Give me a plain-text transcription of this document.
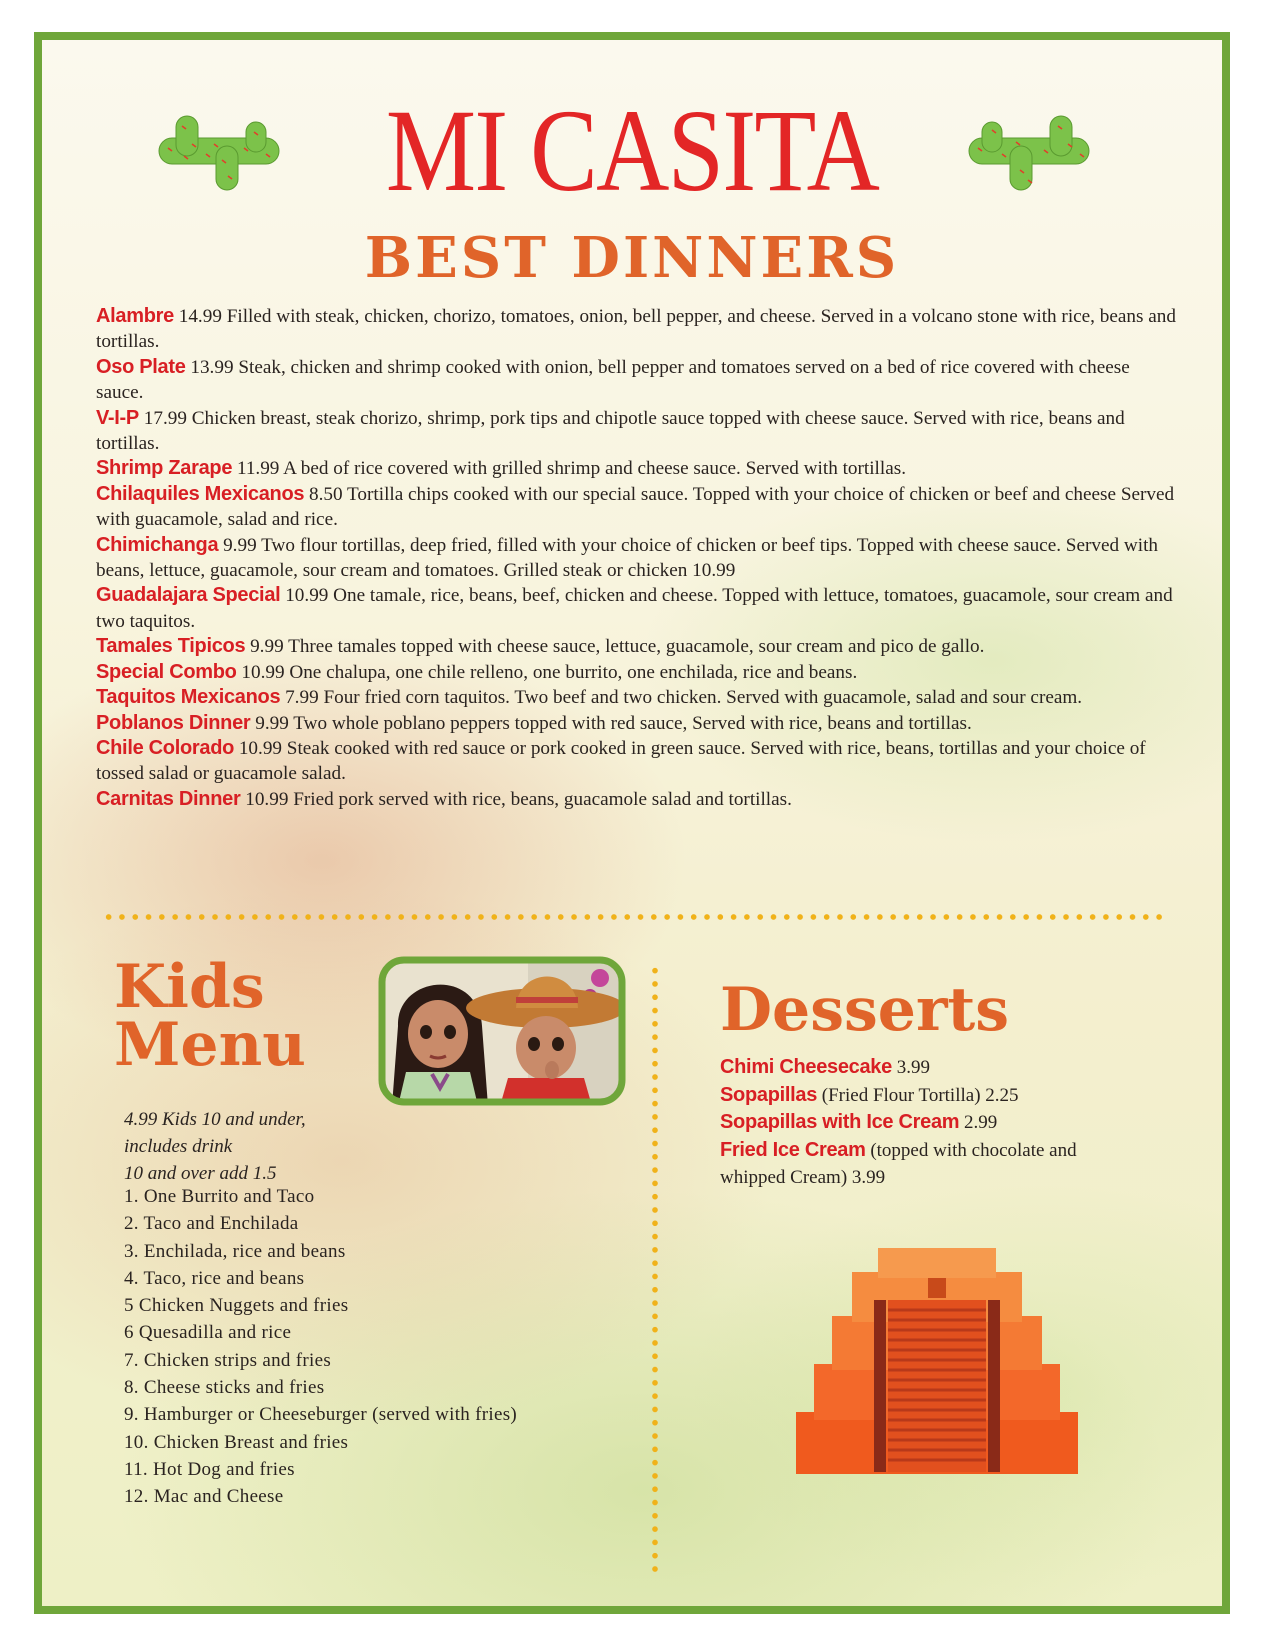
MI CASITA
BEST DINNERS

Alambre 14.99 Filled with steak, chicken, chorizo, tomatoes, onion, bell pepper, and cheese. Served in a volcano stone with rice, beans and tortillas.

Oso Plate 13.99 Steak, chicken and shrimp cooked with onion, bell pepper and tomatoes served on a bed of rice covered with cheese sauce.

V-I-P 17.99 Chicken breast, steak chorizo, shrimp, pork tips and chipotle sauce topped with cheese sauce. Served with rice, beans and tortillas.

Shrimp Zarape 11.99 A bed of rice covered with grilled shrimp and cheese sauce. Served with tortillas.

Chilaquiles Mexicanos 8.50 Tortilla chips cooked with our special sauce. Topped with your choice of chicken or beef and cheese Served with guacamole, salad and rice.

Chimichanga 9.99 Two flour tortillas, deep fried, filled with your choice of chicken or beef tips. Topped with cheese sauce. Served with beans, lettuce, guacamole, sour cream and tomatoes. Grilled steak or chicken 10.99

Guadalajara Special 10.99 One tamale, rice, beans, beef, chicken and cheese. Topped with lettuce, tomatoes, guacamole, sour cream and two taquitos.

Tamales Tipicos 9.99 Three tamales topped with cheese sauce, lettuce, guacamole, sour cream and pico de gallo.

Special Combo 10.99 One chalupa, one chile relleno, one burrito, one enchilada, rice and beans.

Taquitos Mexicanos 7.99 Four fried corn taquitos. Two beef and two chicken. Served with guacamole, salad and sour cream.

Poblanos Dinner 9.99 Two whole poblano peppers topped with red sauce, Served with rice, beans and tortillas.

Chile Colorado 10.99 Steak cooked with red sauce or pork cooked in green sauce. Served with rice, beans, tortillas and your choice of tossed salad or guacamole salad.

Carnitas Dinner 10.99 Fried pork served with rice, beans, guacamole salad and tortillas.

Kids
Menu
4.99 Kids 10 and under,
includes drink
10 and over add 1.5
1. One Burrito and Taco
2. Taco and Enchilada
3. Enchilada, rice and beans
4. Taco, rice and beans
5 Chicken Nuggets and fries
6 Quesadilla and rice
7. Chicken strips and fries
8. Cheese sticks and fries
9. Hamburger or Cheeseburger (served with fries)
10. Chicken Breast and fries
11. Hot Dog and fries
12. Mac and Cheese
Desserts
Chimi Cheesecake 3.99
Sopapillas (Fried Flour Tortilla) 2.25
Sopapillas with Ice Cream 2.99
Fried Ice Cream (topped with chocolate and whipped Cream) 3.99
